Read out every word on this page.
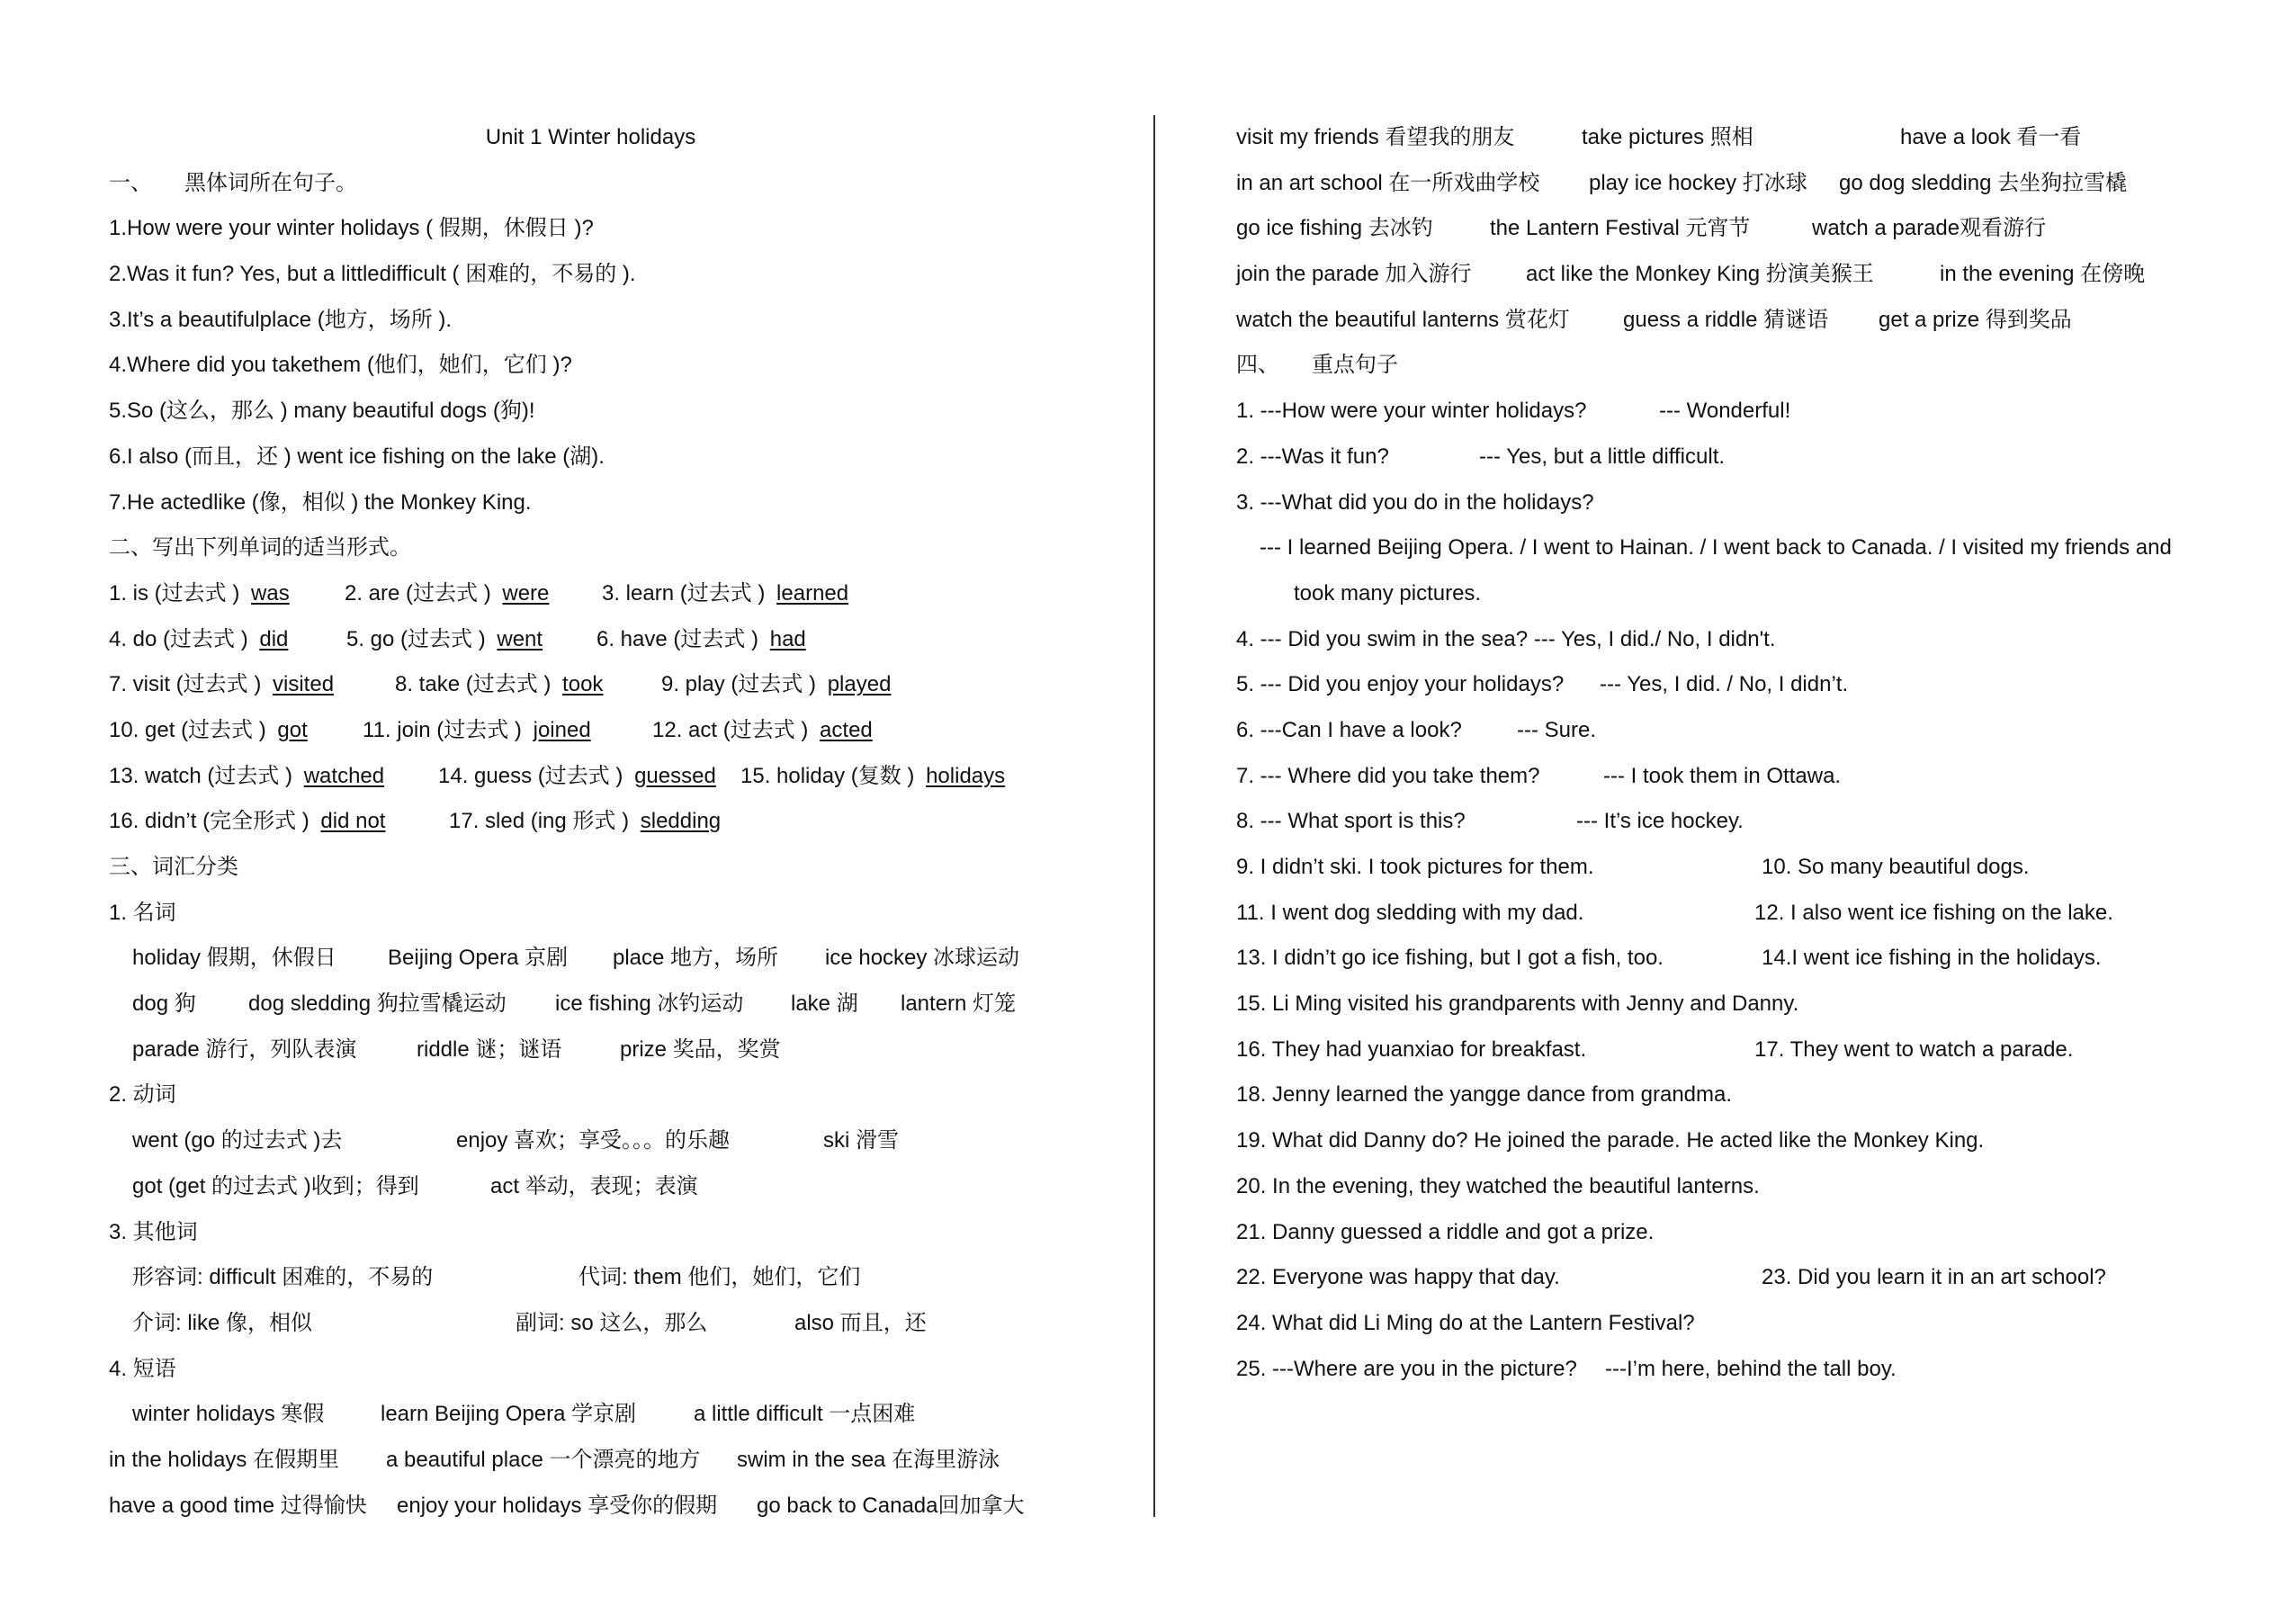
Unit 1 Winter holidays
一、　　黑体词所在句子。
1.How were your winter holidays ( 假期，休假日 )?
2.Was it fun? Yes, but a littledifficult ( 困难的，不易的 ).
3.It’s a beautifulplace (地方，场所 ).
4.Where did you takethem (他们，她们，它们 )?
5.So (这么，那么 ) many beautiful dogs (狗)!
6.I also (而且，还 ) went ice fishing on the lake (湖).
7.He actedlike (像，相似 ) the Monkey King.
二、写出下列单词的适当形式。
1. is (过去式 ) was	2. are (过去式 ) were 3. learn (过去式 ) learned
4. do (过去式 ) did	5. go (过去式 ) went 6. have (过去式 ) had
7. visit (过去式 ) visited	8. take (过去式 ) took	9. play (过去式 ) played
10. get (过去式 ) got	11. join (过去式 ) joined	12. act (过去式 ) acted
13. watch (过去式 ) watched 14. guess (过去式 ) guessed 15. holiday (复数 ) holidays
16. didn’t (完全形式 ) did not	17. sled (ing 形式 ) sledding
三、词汇分类
1. 名词
holiday 假期，休假日 Beijing Opera 京剧 place 地方，场所 ice hockey 冰球运动
dog 狗 dog sledding 狗拉雪橇运动 ice fishing 冰钓运动 lake 湖 lantern 灯笼
parade 游行，列队表演	riddle 谜；谜语	prize 奖品，奖赏
2. 动词
went (go 的过去式 )去	enjoy 喜欢；享受。。。的乐趣	ski 滑雪
got (get 的过去式 )收到；得到	act 举动，表现；表演
3. 其他词
形容词: difficult 困难的，不易的	代词: them 他们，她们，它们
介词: like 像，相似	副词: so 这么，那么	also 而且，还
4. 短语
winter holidays 寒假	learn Beijing Opera 学京剧	a little difficult 一点困难
in the holidays 在假期里 a beautiful place 一个漂亮的地方 swim in the sea 在海里游泳
have a good time 过得愉快 enjoy your holidays 享受你的假期 go back to Canada回加拿大
visit my friends 看望我的朋友	take pictures 照相	have a look 看一看
in an art school 在一所戏曲学校 play ice hockey 打冰球 go dog sledding 去坐狗拉雪橇
go ice fishing 去冰钓	the Lantern Festival 元宵节	watch a parade观看游行
join the parade 加入游行	act like the Monkey King 扮演美猴王	in the evening 在傍晚
watch the beautiful lanterns 赏花灯 guess a riddle 猜谜语 get a prize 得到奖品
四、　　重点句子
1. ---How were your winter holidays?	--- Wonderful!
2. ---Was it fun?	--- Yes, but a little difficult.
3. ---What did you do in the holidays?
--- I learned Beijing Opera. / I went to Hainan. / I went back to Canada. / I visited my friends and
took many pictures.
4. --- Did you swim in the sea? --- Yes, I did./ No, I didn't.
5. --- Did you enjoy your holidays? --- Yes, I did. / No, I didn’t.
6. ---Can I have a look?	--- Sure.
7. --- Where did you take them?	--- I took them in Ottawa.
8. --- What sport is this?	--- It’s ice hockey.
9. I didn’t ski. I took pictures for them.	10. So many beautiful dogs.
11. I went dog sledding with my dad.	12. I also went ice fishing on the lake.
13. I didn’t go ice fishing, but I got a fish, too.	14.I went ice fishing in the holidays.
15. Li Ming visited his grandparents with Jenny and Danny.
16. They had yuanxiao for breakfast.	17. They went to watch a parade.
18. Jenny learned the yangge dance from grandma.
19. What did Danny do? He joined the parade. He acted like the Monkey King.
20. In the evening, they watched the beautiful lanterns.
21. Danny guessed a riddle and got a prize.
22. Everyone was happy that day.	23. Did you learn it in an art school?
24. What did Li Ming do at the Lantern Festival?
25. ---Where are you in the picture? ---I’m here, behind the tall boy.
